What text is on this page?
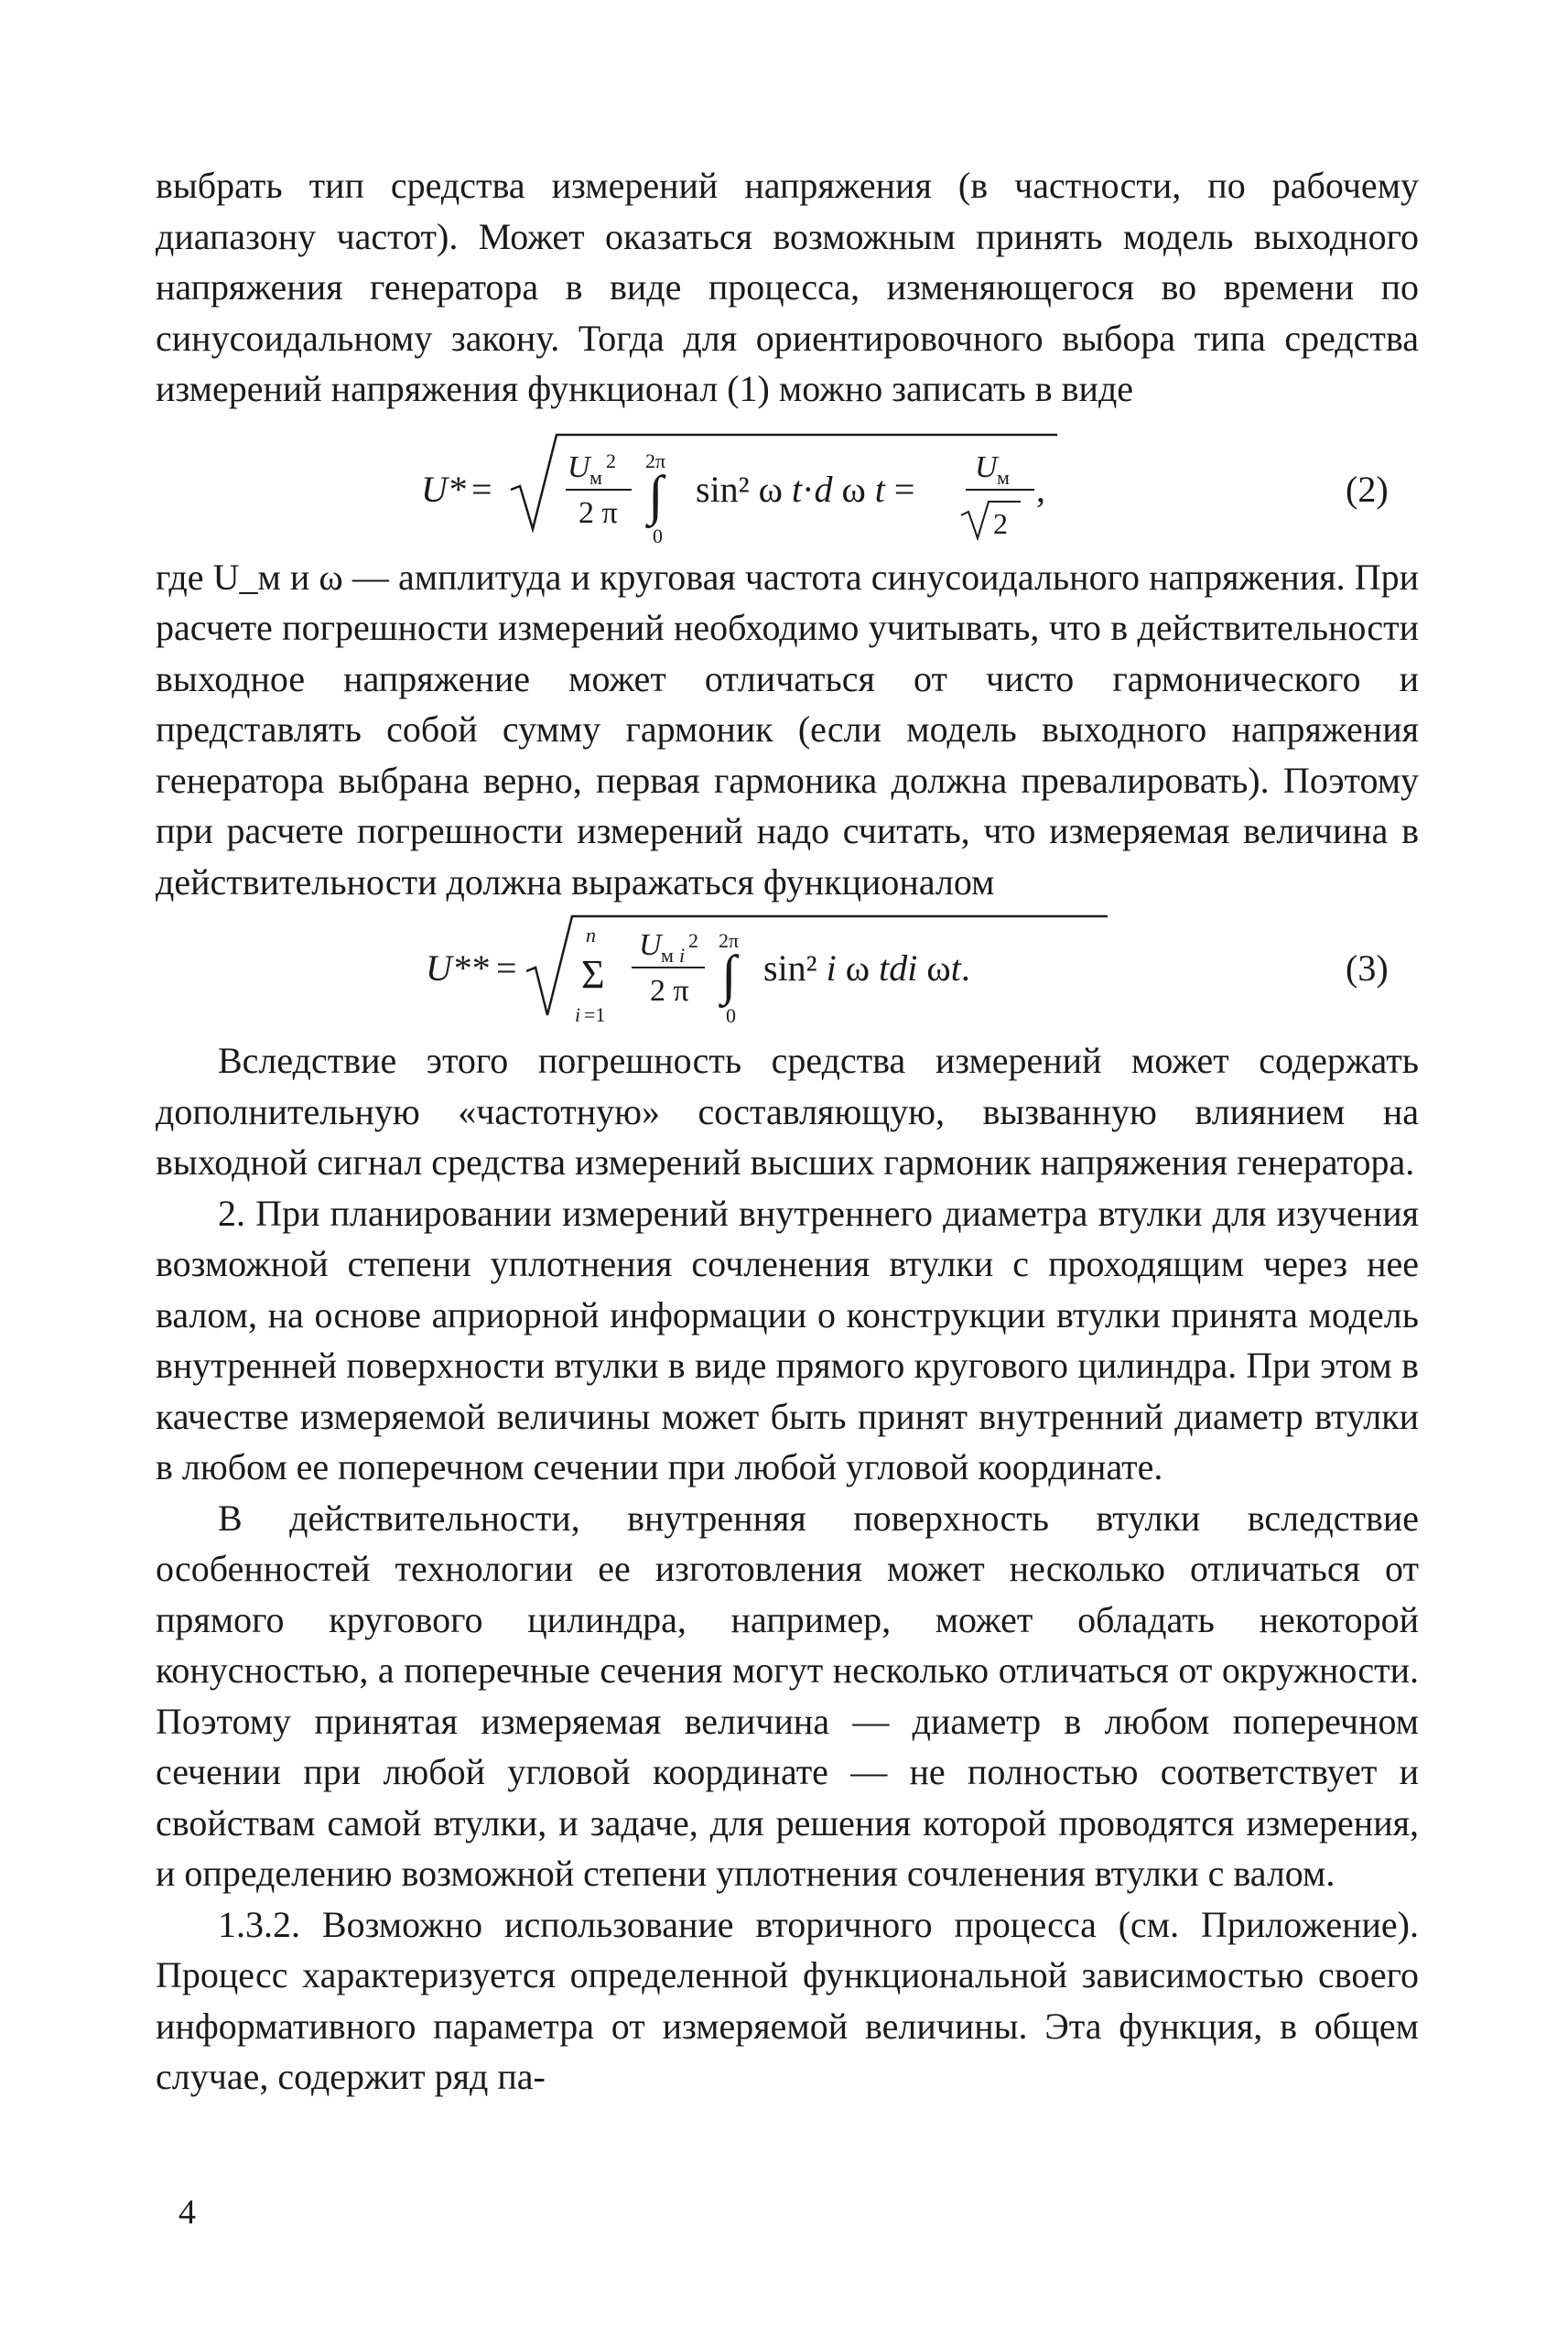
выбрать тип средства измерений напряжения (в частности, по рабочему диапазону частот). Может оказаться возможным принять модель выходного напряжения генератора в виде процесса, изменяющегося во времени по синусоидальному закону. Тогда для ориентировочного выбора типа средства измерений напряжения функционал (1) можно записать в виде

U* =
U м
2
2 π
2π
∫
0
sin² ω t·d ω t =
U м
2
,	(2)

где U_м и ω — амплитуда и круговая частота синусоидального напряжения. При расчете погрешности измерений необходимо учитывать, что в действительности выходное напряжение может отличаться от чисто гармонического и представлять собой сумму гармоник (если модель выходного напряжения генератора выбрана верно, первая гармоника должна превалировать). Поэтому при расчете погрешности измерений надо считать, что измеряемая величина в действительности должна выражаться функционалом

U** =
n
Σ
i =1
U м i
2
2 π
2π
∫
0
sin² i ω tdi ωt.	(3)

Вследствие этого погрешность средства измерений может содержать дополнительную «частотную» составляющую, вызванную влиянием на выходной сигнал средства измерений высших гармоник напряжения генератора.

2. При планировании измерений внутреннего диаметра втулки для изучения возможной степени уплотнения сочленения втулки с проходящим через нее валом, на основе априорной информации о конструкции втулки принята модель внутренней поверхности втулки в виде прямого кругового цилиндра. При этом в качестве измеряемой величины может быть принят внутренний диаметр втулки в любом ее поперечном сечении при любой угловой координате.

В действительности, внутренняя поверхность втулки вследствие особенностей технологии ее изготовления может несколько отличаться от прямого кругового цилиндра, например, может обладать некоторой конусностью, а поперечные сечения могут несколько отличаться от окружности. Поэтому принятая измеряемая величина — диаметр в любом поперечном сечении при любой угловой координате — не полностью соответствует и свойствам самой втулки, и задаче, для решения которой проводятся измерения, и определению возможной степени уплотнения сочленения втулки с валом.

1.3.2. Возможно использование вторичного процесса (см. Приложение). Процесс характеризуется определенной функциональной зависимостью своего информативного параметра от измеряемой величины. Эта функция, в общем случае, содержит ряд па-

4
